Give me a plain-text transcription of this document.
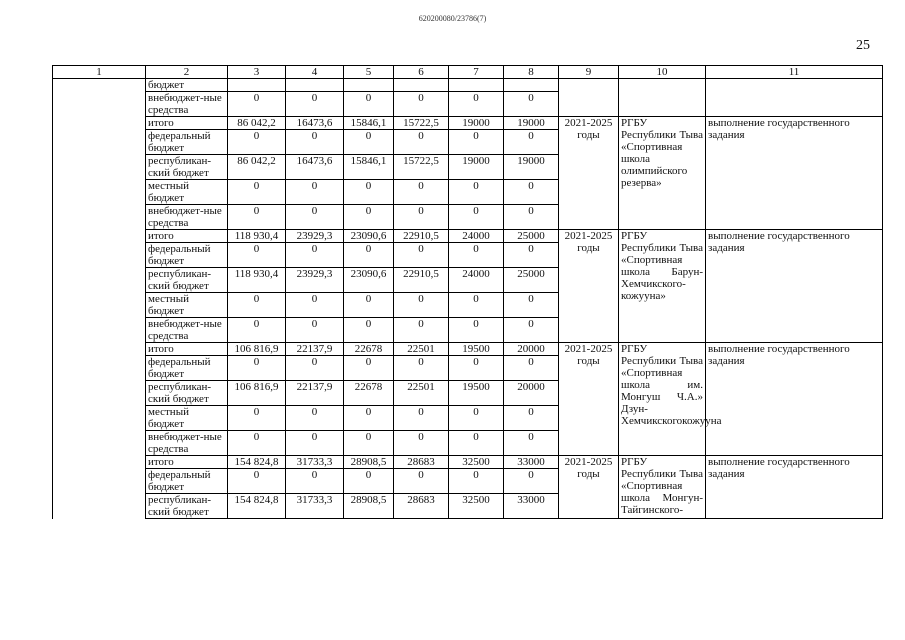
620200080/23786(7)
25
1	2	3	4	5	6	7	8	9	10	11
	бюджет									
	внебюджет-ные средства	0	0	0	0	0	0			
	итого	86 042,2	16473,6	15846,1	15722,5	19000	19000	2021-2025 годы	РГБУ Республики Тыва «Спортивная школа олимпийского резерва»	выполнение государственного задания
	федеральный бюджет	0	0	0	0	0	0			
	республикан-ский бюджет	86 042,2	16473,6	15846,1	15722,5	19000	19000			
	местный бюджет	0	0	0	0	0	0			
	внебюджет-ные средства	0	0	0	0	0	0			
	итого	118 930,4	23929,3	23090,6	22910,5	24000	25000	2021-2025 годы	РГБУ Республики Тыва «Спортивная школа Барун-Хемчикского-кожууна»	выполнение государственного задания
	федеральный бюджет	0	0	0	0	0	0			
	республикан-ский бюджет	118 930,4	23929,3	23090,6	22910,5	24000	25000			
	местный бюджет	0	0	0	0	0	0			
	внебюджет-ные средства	0	0	0	0	0	0			
	итого	106 816,9	22137,9	22678	22501	19500	20000	2021-2025 годы	РГБУ Республики Тыва «Спортивная школа им. Монгуш Ч.А.» Дзун-Хемчикскогокожууна	выполнение государственного задания
	федеральный бюджет	0	0	0	0	0	0			
	республикан-ский бюджет	106 816,9	22137,9	22678	22501	19500	20000			
	местный бюджет	0	0	0	0	0	0			
	внебюджет-ные средства	0	0	0	0	0	0			
	итого	154 824,8	31733,3	28908,5	28683	32500	33000	2021-2025 годы	РГБУ Республики Тыва «Спортивная школа Монгун-Тайгинского-	выполнение государственного задания
	федеральный бюджет	0	0	0	0	0	0			
	республикан-ский бюджет	154 824,8	31733,3	28908,5	28683	32500	33000			
